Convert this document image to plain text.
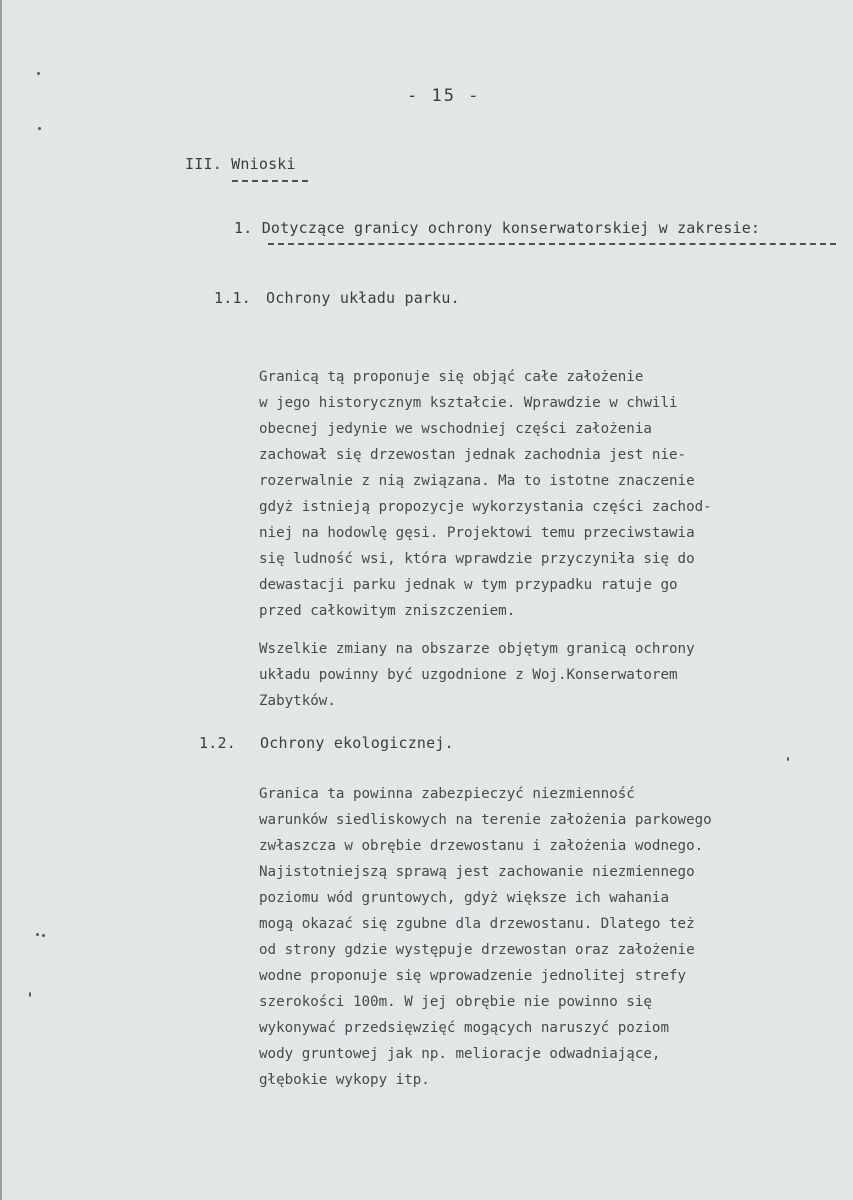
- 15 -
III. Wnioski
1. Dotyczące granicy ochrony konserwatorskiej w zakresie:
1.1. Ochrony układu parku.
Granicą tą proponuje się objąć całe założenie
w jego historycznym kształcie. Wprawdzie w chwili
obecnej jedynie we wschodniej części założenia
zachował się drzewostan jednak zachodnia jest nie-
rozerwalnie z nią związana. Ma to istotne znaczenie
gdyż istnieją propozycje wykorzystania części zachod-
niej na hodowlę gęsi. Projektowi temu przeciwstawia
się ludność wsi, która wprawdzie przyczyniła się do
dewastacji parku jednak w tym przypadku ratuje go
przed całkowitym zniszczeniem.
Wszelkie zmiany na obszarze objętym granicą ochrony
układu powinny być uzgodnione z Woj.Konserwatorem
Zabytków.
1.2. Ochrony ekologicznej.
Granica ta powinna zabezpieczyć niezmienność
warunków siedliskowych na terenie założenia parkowego
zwłaszcza w obrębie drzewostanu i założenia wodnego.
Najistotniejszą sprawą jest zachowanie niezmiennego
poziomu wód gruntowych, gdyż większe ich wahania
mogą okazać się zgubne dla drzewostanu. Dlatego też
od strony gdzie występuje drzewostan oraz założenie
wodne proponuje się wprowadzenie jednolitej strefy
szerokości 100m. W jej obrębie nie powinno się
wykonywać przedsięwzięć mogących naruszyć poziom
wody gruntowej jak np. melioracje odwadniające,
głębokie wykopy itp.
